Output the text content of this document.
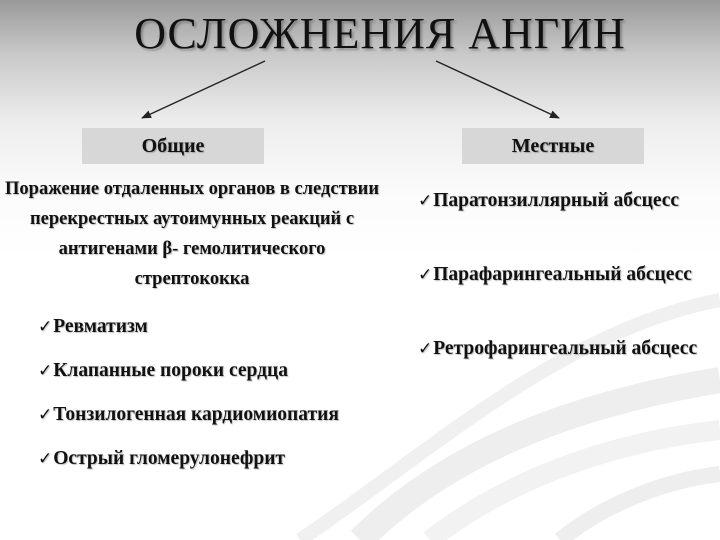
ОСЛОЖНЕНИЯ АНГИН
Общие	Местные
Поражение отдаленных органов в следствии перекрестных аутоимунных реакций с антигенами β- гемолитического стрептококка
✓Ревматизм
✓Клапанные пороки сердца
✓Тонзилогенная кардиомиопатия
✓Острый гломерулонефрит
✓Паратонзиллярный абсцесс
✓Парафарингеальный абсцесс
✓Ретрофарингеальный абсцесс
